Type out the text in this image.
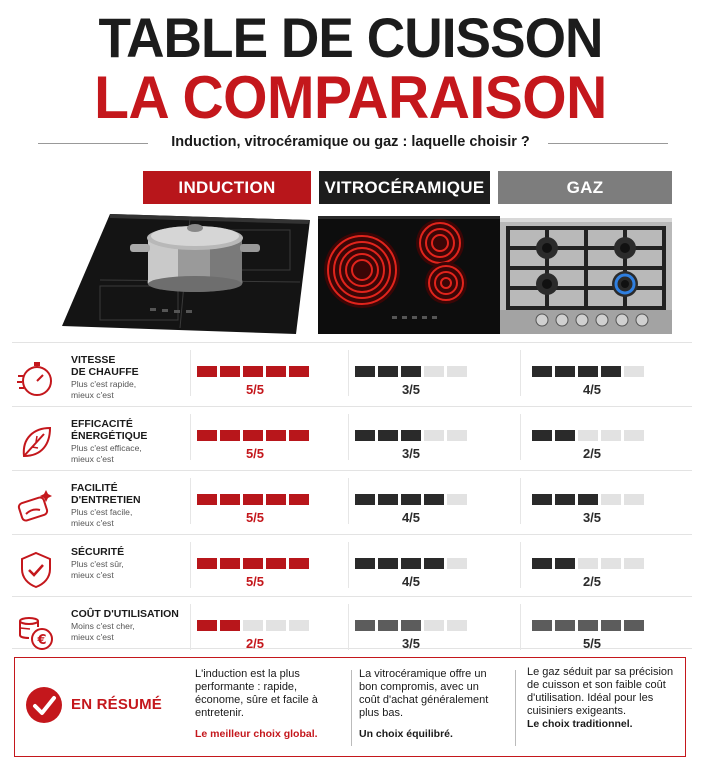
TABLE DE CUISSON
LA COMPARAISON
Induction, vitrocéramique ou gaz : laquelle choisir ?
INDUCTION	VITROCÉRAMIQUE	GAZ
VITESSE
DE CHAUFFE
Plus c'est rapide,
mieux c'est	5/5	3/5	4/5
EFFICACITÉ
ÉNERGÉTIQUE
Plus c'est efficace,
mieux c'est	5/5	3/5	2/5
FACILITÉ
D'ENTRETIEN
Plus c'est facile,
mieux c'est	5/5	4/5	3/5
SÉCURITÉ
Plus c'est sûr,
mieux c'est	5/5	4/5	2/5
€
COÛT D'UTILISATION
Moins c'est cher,
mieux c'est	2/5	3/5	5/5
EN RÉSUMÉ
L'induction est la plus performante : rapide, économe, sûre et facile à entretenir.
Le meilleur choix global.
La vitrocéramique offre un bon compromis, avec un coût d'achat généralement plus bas.
Un choix équilibré.
Le gaz séduit par sa précision de cuisson et son faible coût d'utilisation. Idéal pour les cuisiniers exigeants.
Le choix traditionnel.
